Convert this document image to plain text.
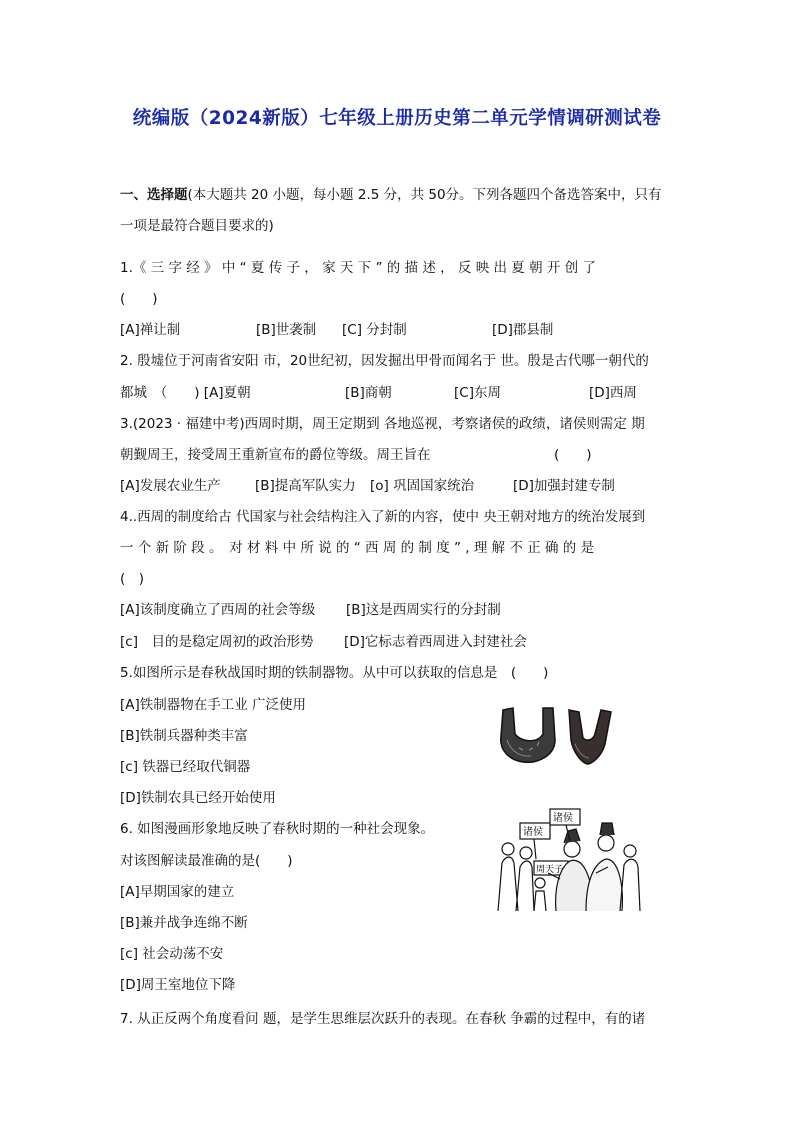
统编版（2024新版）七年级上册历史第二单元学情调研测试卷
一、选择题(本大题共 20 小题，每小题 2.5 分，共 50分。下列各题四个备选答案中，只有
一项是最符合题目要求的)
1.《 三 字 经 》 中 “ 夏 传 子 ， 家 天 下 ” 的 描 述 ， 反 映 出 夏 朝 开 创 了
(　　)
[A]禅让制	[B]世袭制 [C] 分封制	[D]郡县制
2. 殷墟位于河南省安阳 市，20世纪初，因发掘出甲骨而闻名于 世。殷是古代哪一朝代的
都城　（　　) [A]夏朝	[B]商朝	[C]东周	[D]西周
3.(2023 · 福建中考)西周时期，周王定期到 各地巡视，考察诸侯的政绩，诸侯则需定 期
朝觐周王，接受周王重新宣布的爵位等级。周王旨在	(　　)
[A]发展农业生产	[B]提高军队实力 [o] 巩固国家统治	[D]加强封建专制
4..西周的制度给古 代国家与社会结构注入了新的内容，使中 央王朝对地方的统治发展到
一 个 新 阶 段 。　对 材 料 中 所 说 的 “ 西 周 的 制 度 ” , 理 解 不 正 确 的 是
(　)
[A]该制度确立了西周的社会等级 [B]这是西周实行的分封制
[c]　目的是稳定周初的政治形势 [D]它标志着西周进入封建社会
5.如图所示是春秋战国时期的铁制器物。从中可以获取的信息是　(　　)
[A]铁制器物在手工业 广泛使用
[B]铁制兵器种类丰富
[c] 铁器已经取代铜器
[D]铁制农具已经开始使用
6. 如图漫画形象地反映了春秋时期的一种社会现象。
对该图解读最准确的是(　　)
[A]早期国家的建立
[B]兼并战争连绵不断
[c] 社会动荡不安
[D]周王室地位下降
诸侯
诸侯
周天子
7. 从正反两个角度看问 题，是学生思维层次跃升的表现。在春秋 争霸的过程中，有的诸
